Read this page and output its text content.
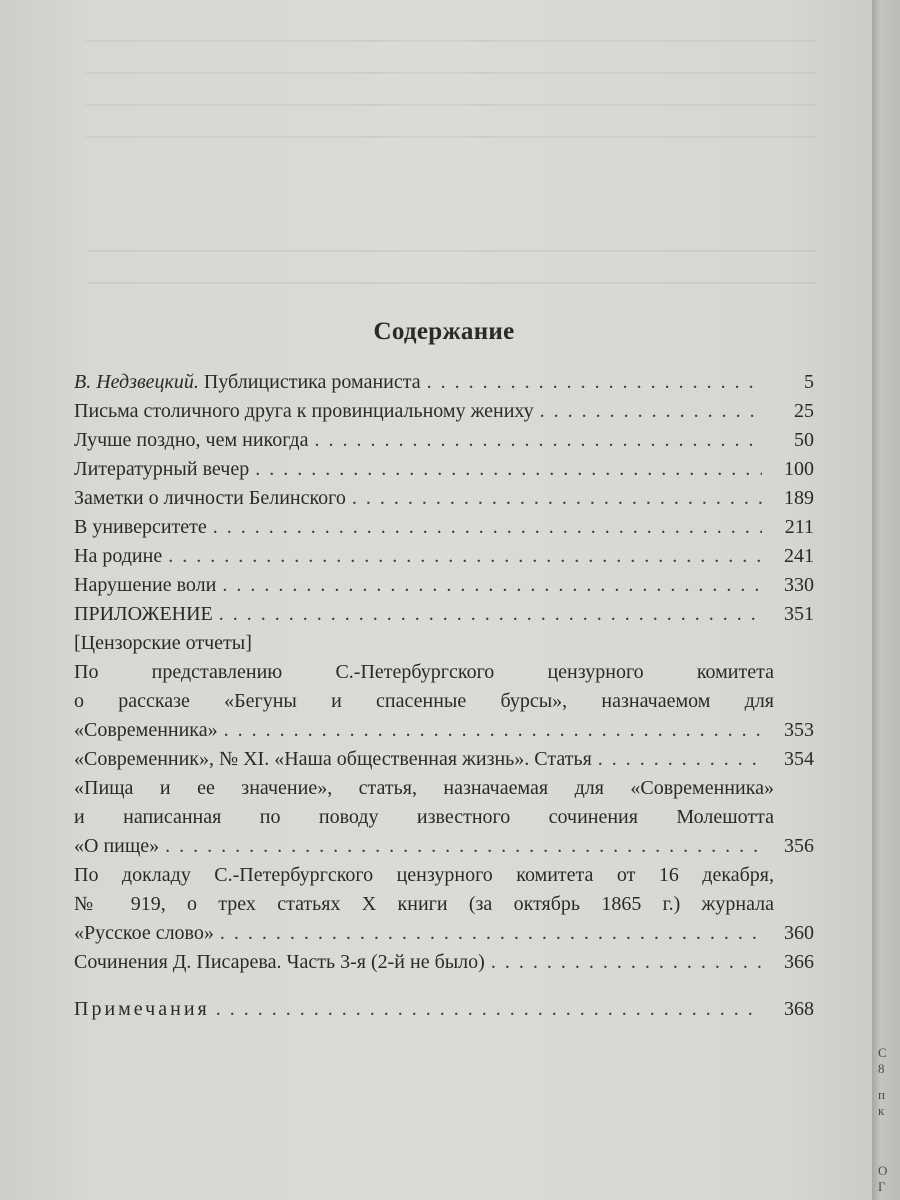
Содержание
В. Недзвецкий. Публицистика романиста . . .	5
Письма столичного друга к провинциальному жениху . . .	25
Лучше поздно, чем никогда . . .	50
Литературный вечер . . .	100
Заметки о личности Белинского . . .	189
В университете . . .	211
На родине . . .	241
Нарушение воли . . .	330
ПРИЛОЖЕНИЕ . . .	351
[Цензорские отчеты]
По представлению С.-Петербургского цензурного комитета
о рассказе «Бегуны и спасенные бурсы», назначаемом для
«Современника» . . .	353
«Современник», № XI. «Наша общественная жизнь». Статья . . .	354
«Пища и ее значение», статья, назначаемая для «Современника»
и написанная по поводу известного сочинения Молешотта
«О пище» . . .	356
По докладу С.-Петербургского цензурного комитета от 16 декабря,
№ 919, о трех статьях X книги (за октябрь 1865 г.) журнала
«Русское слово» . . .	360
Сочинения Д. Писарева. Часть 3-я (2-й не было) . . .	366
Примечания . . .	368
С
8
п
к
О
Г
